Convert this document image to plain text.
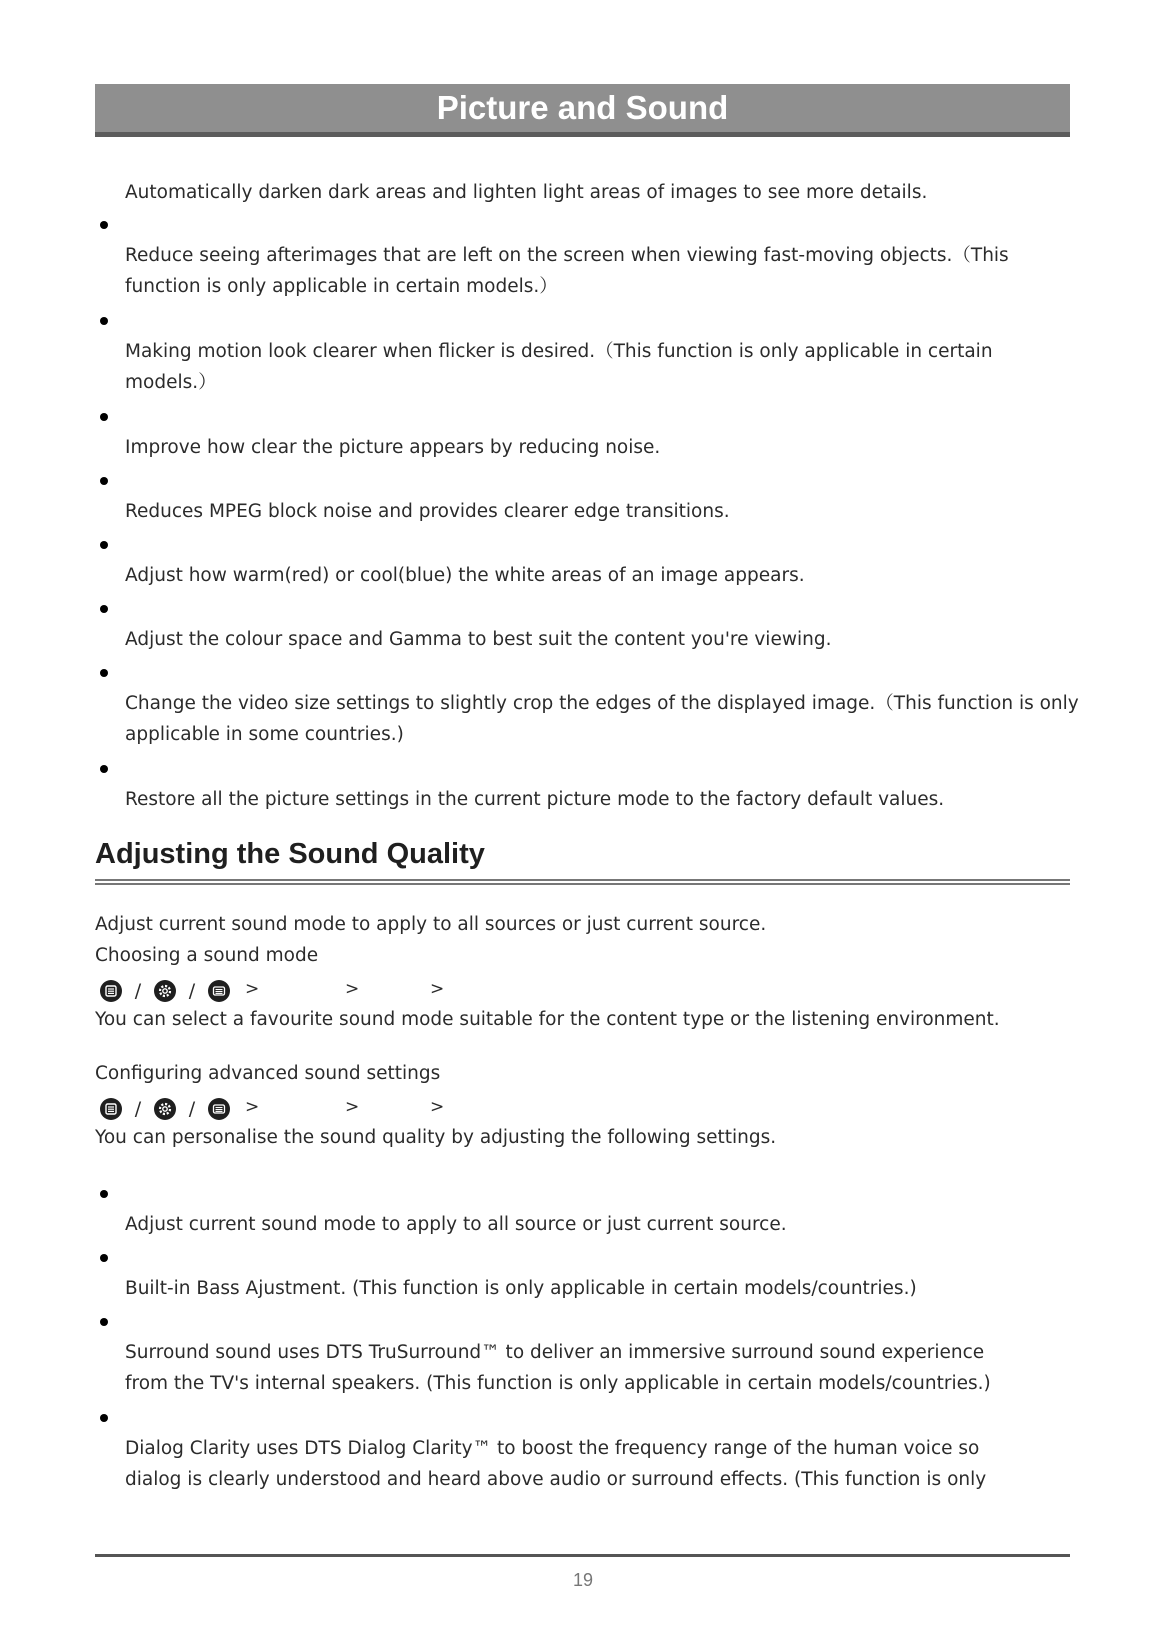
Picture and Sound
Automatically darken dark areas and lighten light areas of images to see more details.
Reduce seeing afterimages that are left on the screen when viewing fast-moving objects.（This
function is only applicable in certain models.）
Making motion look clearer when flicker is desired.（This function is only applicable in certain
models.）
Improve how clear the picture appears by reducing noise.
Reduces MPEG block noise and provides clearer edge transitions.
Adjust how warm(red) or cool(blue) the white areas of an image appears.
Adjust the colour space and Gamma to best suit the content you're viewing.
Change the video size settings to slightly crop the edges of the displayed image.（This function is only
applicable in some countries.)
Restore all the picture settings in the current picture mode to the factory default values.
Adjusting the Sound Quality
Adjust current sound mode to apply to all sources or just current source.
Choosing a sound mode
/	/	>	>	>
You can select a favourite sound mode suitable for the content type or the listening environment.
Configuring advanced sound settings
/	/	>	>	>
You can personalise the sound quality by adjusting the following settings.
Adjust current sound mode to apply to all source or just current source.
Built-in Bass Ajustment. (This function is only applicable in certain models/countries.)
Surround sound uses DTS TruSurround™ to deliver an immersive surround sound experience
from the TV's internal speakers. (This function is only applicable in certain models/countries.)
Dialog Clarity uses DTS Dialog Clarity™ to boost the frequency range of the human voice so
dialog is clearly understood and heard above audio or surround effects. (This function is only
19
